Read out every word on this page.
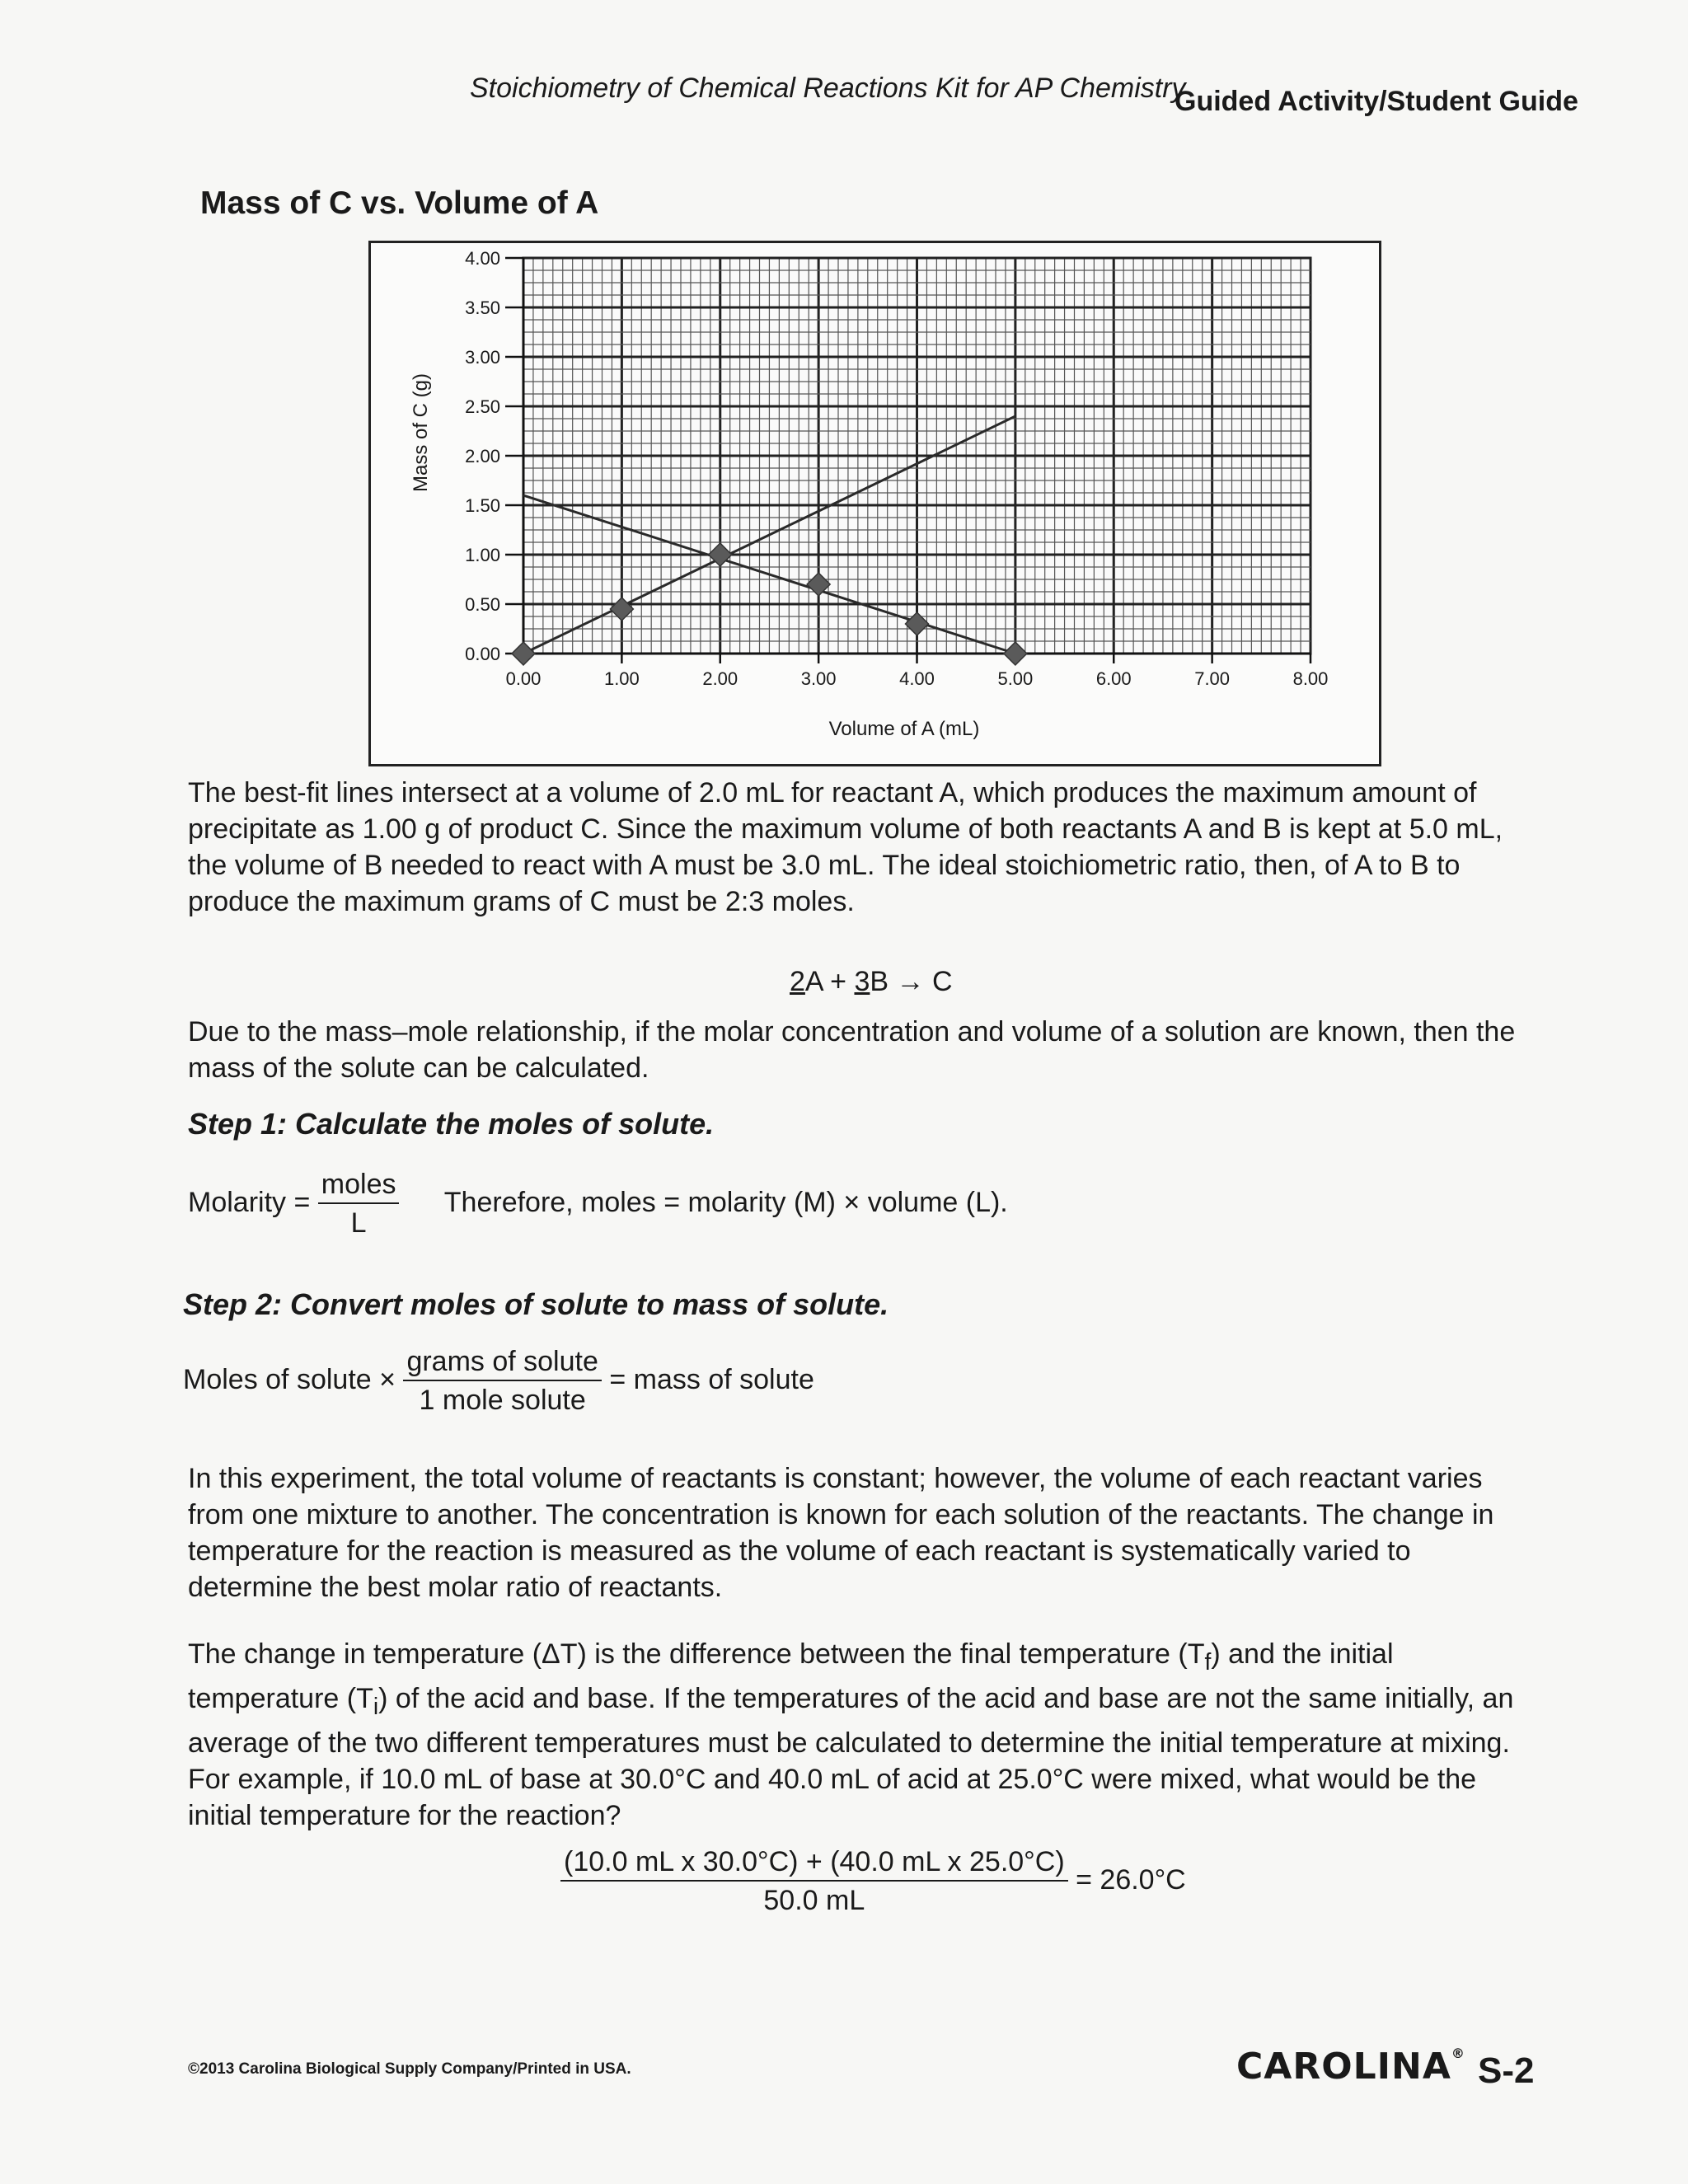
Stoichiometry of Chemical Reactions Kit for AP Chemistry
Guided Activity/Student Guide
Mass of C vs. Volume of A
0.00
0.50
1.00
1.50
2.00
2.50
3.00
3.50
4.00
0.00	1.00	2.00	3.00	4.00	5.00	6.00	7.00	8.00
Volume of A (mL)
Mass of C (g)

The best-fit lines intersect at a volume of 2.0 mL for reactant A, which produces the maximum amount of precipitate as 1.00 g of product C. Since the maximum volume of both reactants A and B is kept at 5.0 mL, the volume of B needed to react with A must be 3.0 mL. The ideal stoichiometric ratio, then, of A to B to produce the maximum grams of C must be 2:3 moles.

2A + 3B → C

Due to the mass–mole relationship, if the molar concentration and volume of a solution are known, then the mass of the solute can be calculated.

Step 1: Calculate the moles of solute.
Molarity = $\frac{\text{moles}}{L}$ Therefore, moles = molarity (M) × volume (L).
Step 2: Convert moles of solute to mass of solute.
Moles of solute × $\frac{\text{grams of solute}}{\text{1 mole solute}}$ = mass of solute

In this experiment, the total volume of reactants is constant; however, the volume of each reactant varies from one mixture to another. The concentration is known for each solution of the reactants. The change in temperature for the reaction is measured as the volume of each reactant is systematically varied to determine the best molar ratio of reactants.

The change in temperature (ΔT) is the difference between the final temperature $(T_f)$ and the initial temperature $(T_i)$ of the acid and base. If the temperatures of the acid and base are not the same initially, an average of the two different temperatures must be calculated to determine the initial temperature at mixing. For example, if 10.0 mL of base at 30.0°C and 40.0 mL of acid at 25.0°C were mixed, what would be the initial temperature for the reaction?

$\frac{\text{(10.0 mL x 30.0°C) + (40.0 mL x 25.0°C)}}{50.0 mL} = 26.0^\circ C$
©2013 Carolina Biological Supply Company/Printed in USA.	CAROLINA® S-2
